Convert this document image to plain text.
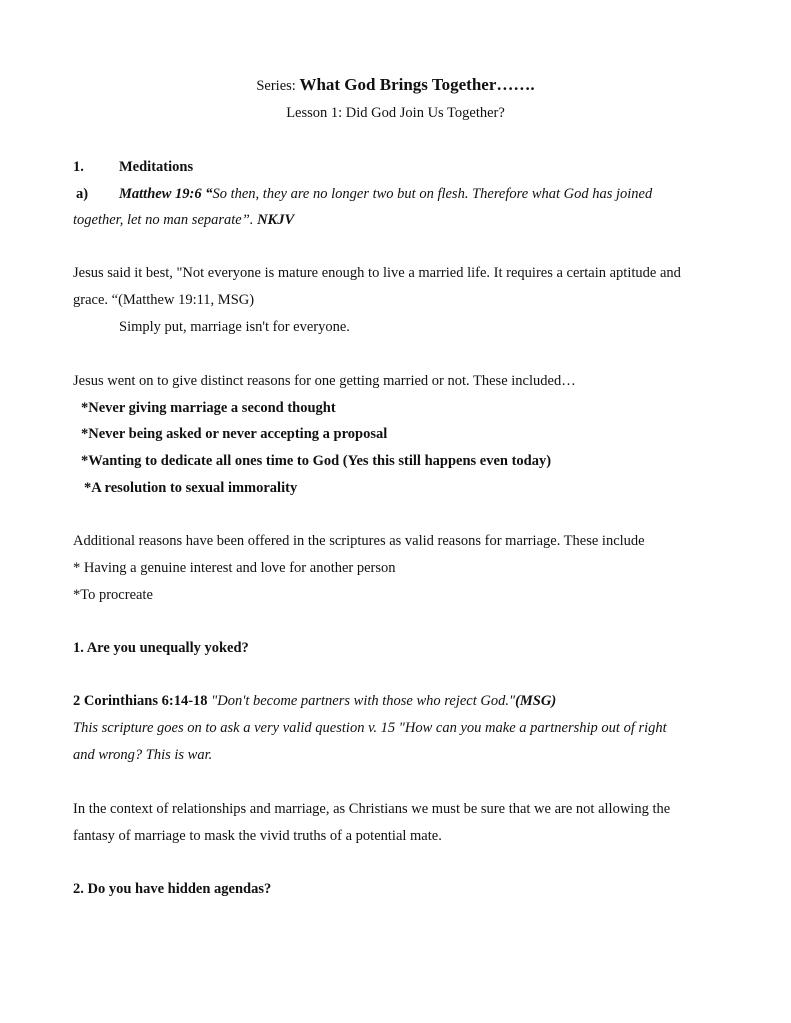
Series: What God Brings Together…….
Lesson 1: Did God Join Us Together?
1. Meditations
a) Matthew 19:6 “So then, they are no longer two but on flesh. Therefore what God has joined
together, let no man separate”. NKJV
Jesus said it best, "Not everyone is mature enough to live a married life. It requires a certain aptitude and
grace. “(Matthew 19:11, MSG)
Simply put, marriage isn't for everyone.
Jesus went on to give distinct reasons for one getting married or not. These included…
*Never giving marriage a second thought
*Never being asked or never accepting a proposal
*Wanting to dedicate all ones time to God (Yes this still happens even today)
*A resolution to sexual immorality
Additional reasons have been offered in the scriptures as valid reasons for marriage. These include
* Having a genuine interest and love for another person
*To procreate
1. Are you unequally yoked?
2 Corinthians 6:14-18 "Don't become partners with those who reject God."(MSG)
This scripture goes on to ask a very valid question v. 15 "How can you make a partnership out of right
and wrong? This is war.
In the context of relationships and marriage, as Christians we must be sure that we are not allowing the
fantasy of marriage to mask the vivid truths of a potential mate.
2. Do you have hidden agendas?
